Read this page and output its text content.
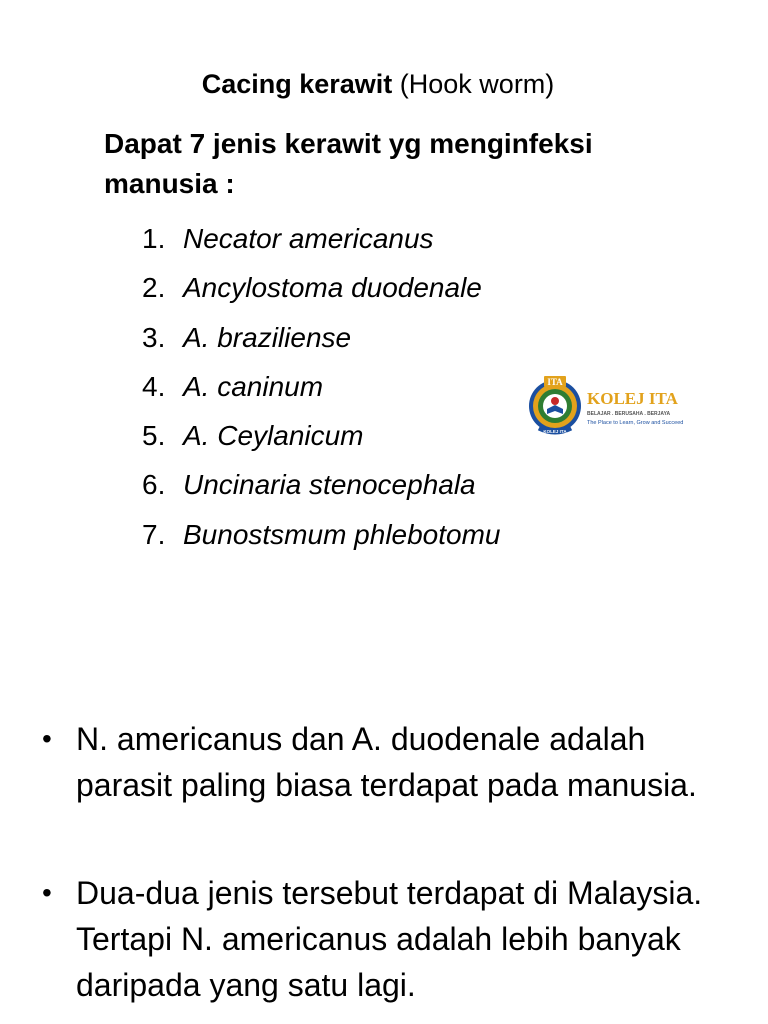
Cacing kerawit (Hook worm)
Dapat 7 jenis kerawit yg menginfeksi manusia :
1. Necator americanus
2. Ancylostoma duodenale
3. A. braziliense
4. A. caninum
5. A. Ceylanicum
6. Uncinaria stenocephala
7. Bunostsmum phlebotomu
ITA
KOLEJ ITA
KOLEJ ITA
BELAJAR . BERUSAHA . BERJAYA
The Place to Learn, Grow and Succeed
• N. americanus dan A. duodenale adalah parasit paling biasa terdapat pada manusia.
• Dua-dua jenis tersebut terdapat di Malaysia. Tertapi N. americanus adalah lebih banyak daripada yang satu lagi.
